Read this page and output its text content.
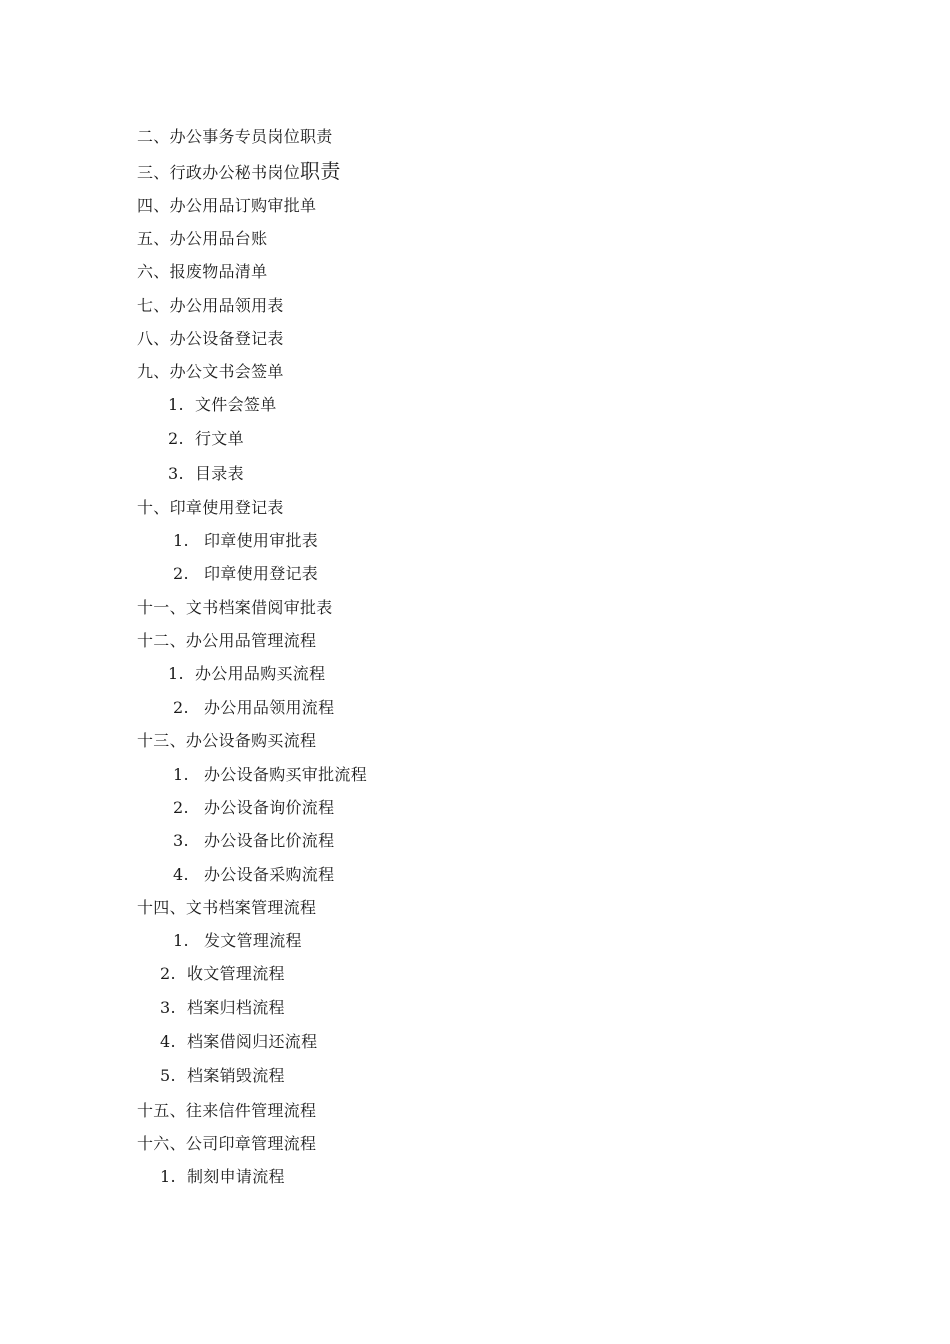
二、办公事务专员岗位职责
三、行政办公秘书岗位职责
四、办公用品订购审批单
五、办公用品台账
六、报废物品清单
七、办公用品领用表
八、办公设备登记表
九、办公文书会签单
1. 文件会签单
2. 行文单
3. 目录表
十、印章使用登记表
1. 印章使用审批表
2. 印章使用登记表
十一、文书档案借阅审批表
十二、办公用品管理流程
1. 办公用品购买流程
2. 办公用品领用流程
十三、办公设备购买流程
1. 办公设备购买审批流程
2. 办公设备询价流程
3. 办公设备比价流程
4. 办公设备采购流程
十四、文书档案管理流程
1. 发文管理流程
2. 收文管理流程
3. 档案归档流程
4. 档案借阅归还流程
5. 档案销毁流程
十五、往来信件管理流程
十六、公司印章管理流程
1. 制刻申请流程
